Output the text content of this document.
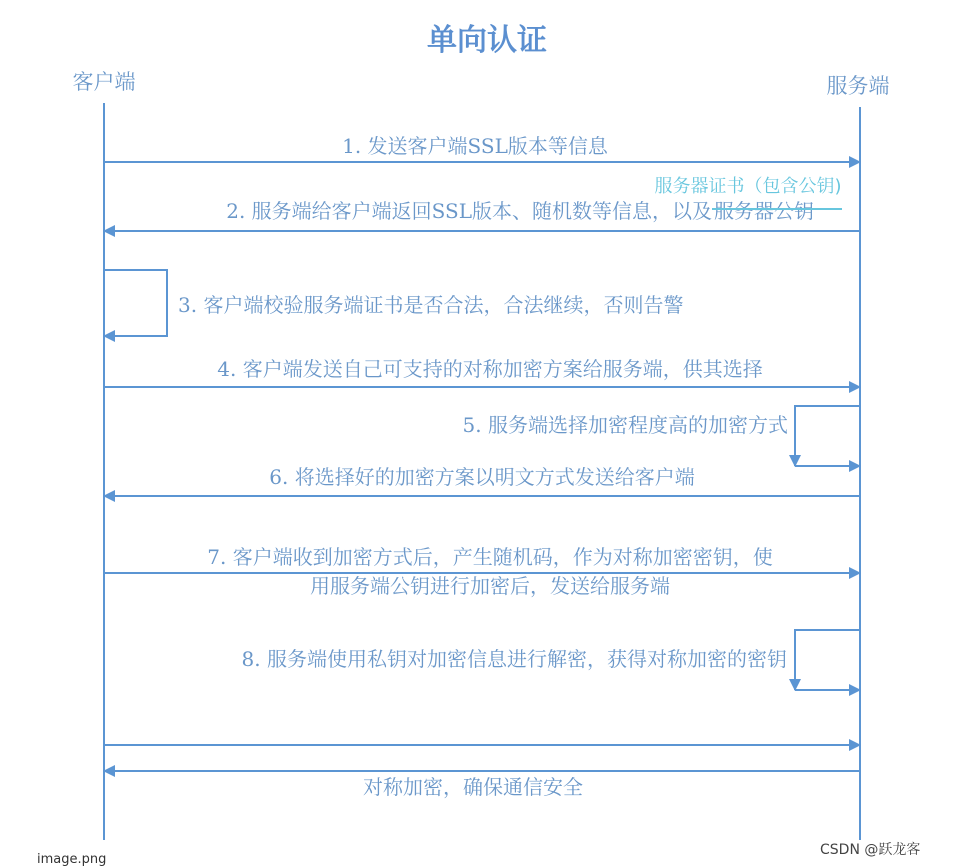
单向认证
客户端	服务端
1. 发送客户端SSL版本等信息
服务器证书（包含公钥)
2. 服务端给客户端返回SSL版本、随机数等信息，以及 服务器公钥
3. 客户端校验服务端证书是否合法，合法继续，否则告警
4. 客户端发送自己可支持的对称加密方案给服务端，供其选择
5. 服务端选择加密程度高的加密方式
6. 将选择好的加密方案以明文方式发送给客户端
7. 客户端收到加密方式后，产生随机码，作为对称加密密钥，使
用服务端公钥进行加密后，发送给服务端
8. 服务端使用私钥对加密信息进行解密，获得对称加密的密钥
对称加密，确保通信安全
image.png
CSDN @跃龙客
